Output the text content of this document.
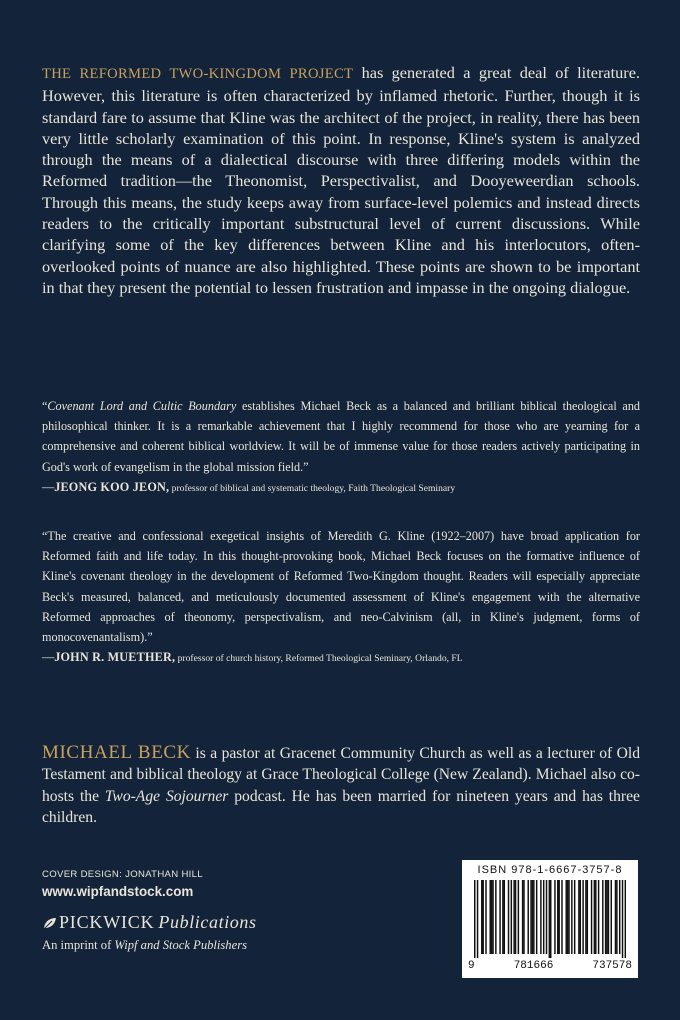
THE REFORMED TWO-KINGDOM PROJECT has generated a great deal of literature. However, this literature is often characterized by inflamed rhetoric. Further, though it is standard fare to assume that Kline was the architect of the project, in reality, there has been very little scholarly examination of this point. In response, Kline's system is analyzed through the means of a dialectical discourse with three differing models within the Reformed tradition—the Theonomist, Perspectivalist, and Dooyeweerdian schools. Through this means, the study keeps away from surface-level polemics and instead directs readers to the critically important substructural level of current discussions. While clarifying some of the key differences between Kline and his interlocutors, often-overlooked points of nuance are also highlighted. These points are shown to be important in that they present the potential to lessen frustration and impasse in the ongoing dialogue.

“Covenant Lord and Cultic Boundary establishes Michael Beck as a balanced and brilliant biblical theological and philosophical thinker. It is a remarkable achievement that I highly recommend for those who are yearning for a comprehensive and coherent biblical worldview. It will be of immense value for those readers actively participating in God's work of evangelism in the global mission field.”
—JEONG KOO JEON, professor of biblical and systematic theology, Faith Theological Seminary
“The creative and confessional exegetical insights of Meredith G. Kline (1922–2007) have broad application for Reformed faith and life today. In this thought-provoking book, Michael Beck focuses on the formative influence of Kline's covenant theology in the development of Reformed Two-Kingdom thought. Readers will especially appreciate Beck's measured, balanced, and meticulously documented assessment of Kline's engagement with the alternative Reformed approaches of theonomy, perspectivalism, and neo-Calvinism (all, in Kline's judgment, forms of monocovenantalism).”
—JOHN R. MUETHER, professor of church history, Reformed Theological Seminary, Orlando, FL

MICHAEL BECK is a pastor at Gracenet Community Church as well as a lecturer of Old Testament and biblical theology at Grace Theological College (New Zealand). Michael also co-hosts the Two-Age Sojourner podcast. He has been married for nineteen years and has three children.

COVER DESIGN: JONATHAN HILL
www.wipfandstock.com
PICKWICK Publications
An imprint of Wipf and Stock Publishers
ISBN 978-1-6667-3757-8
9	781666	737578
